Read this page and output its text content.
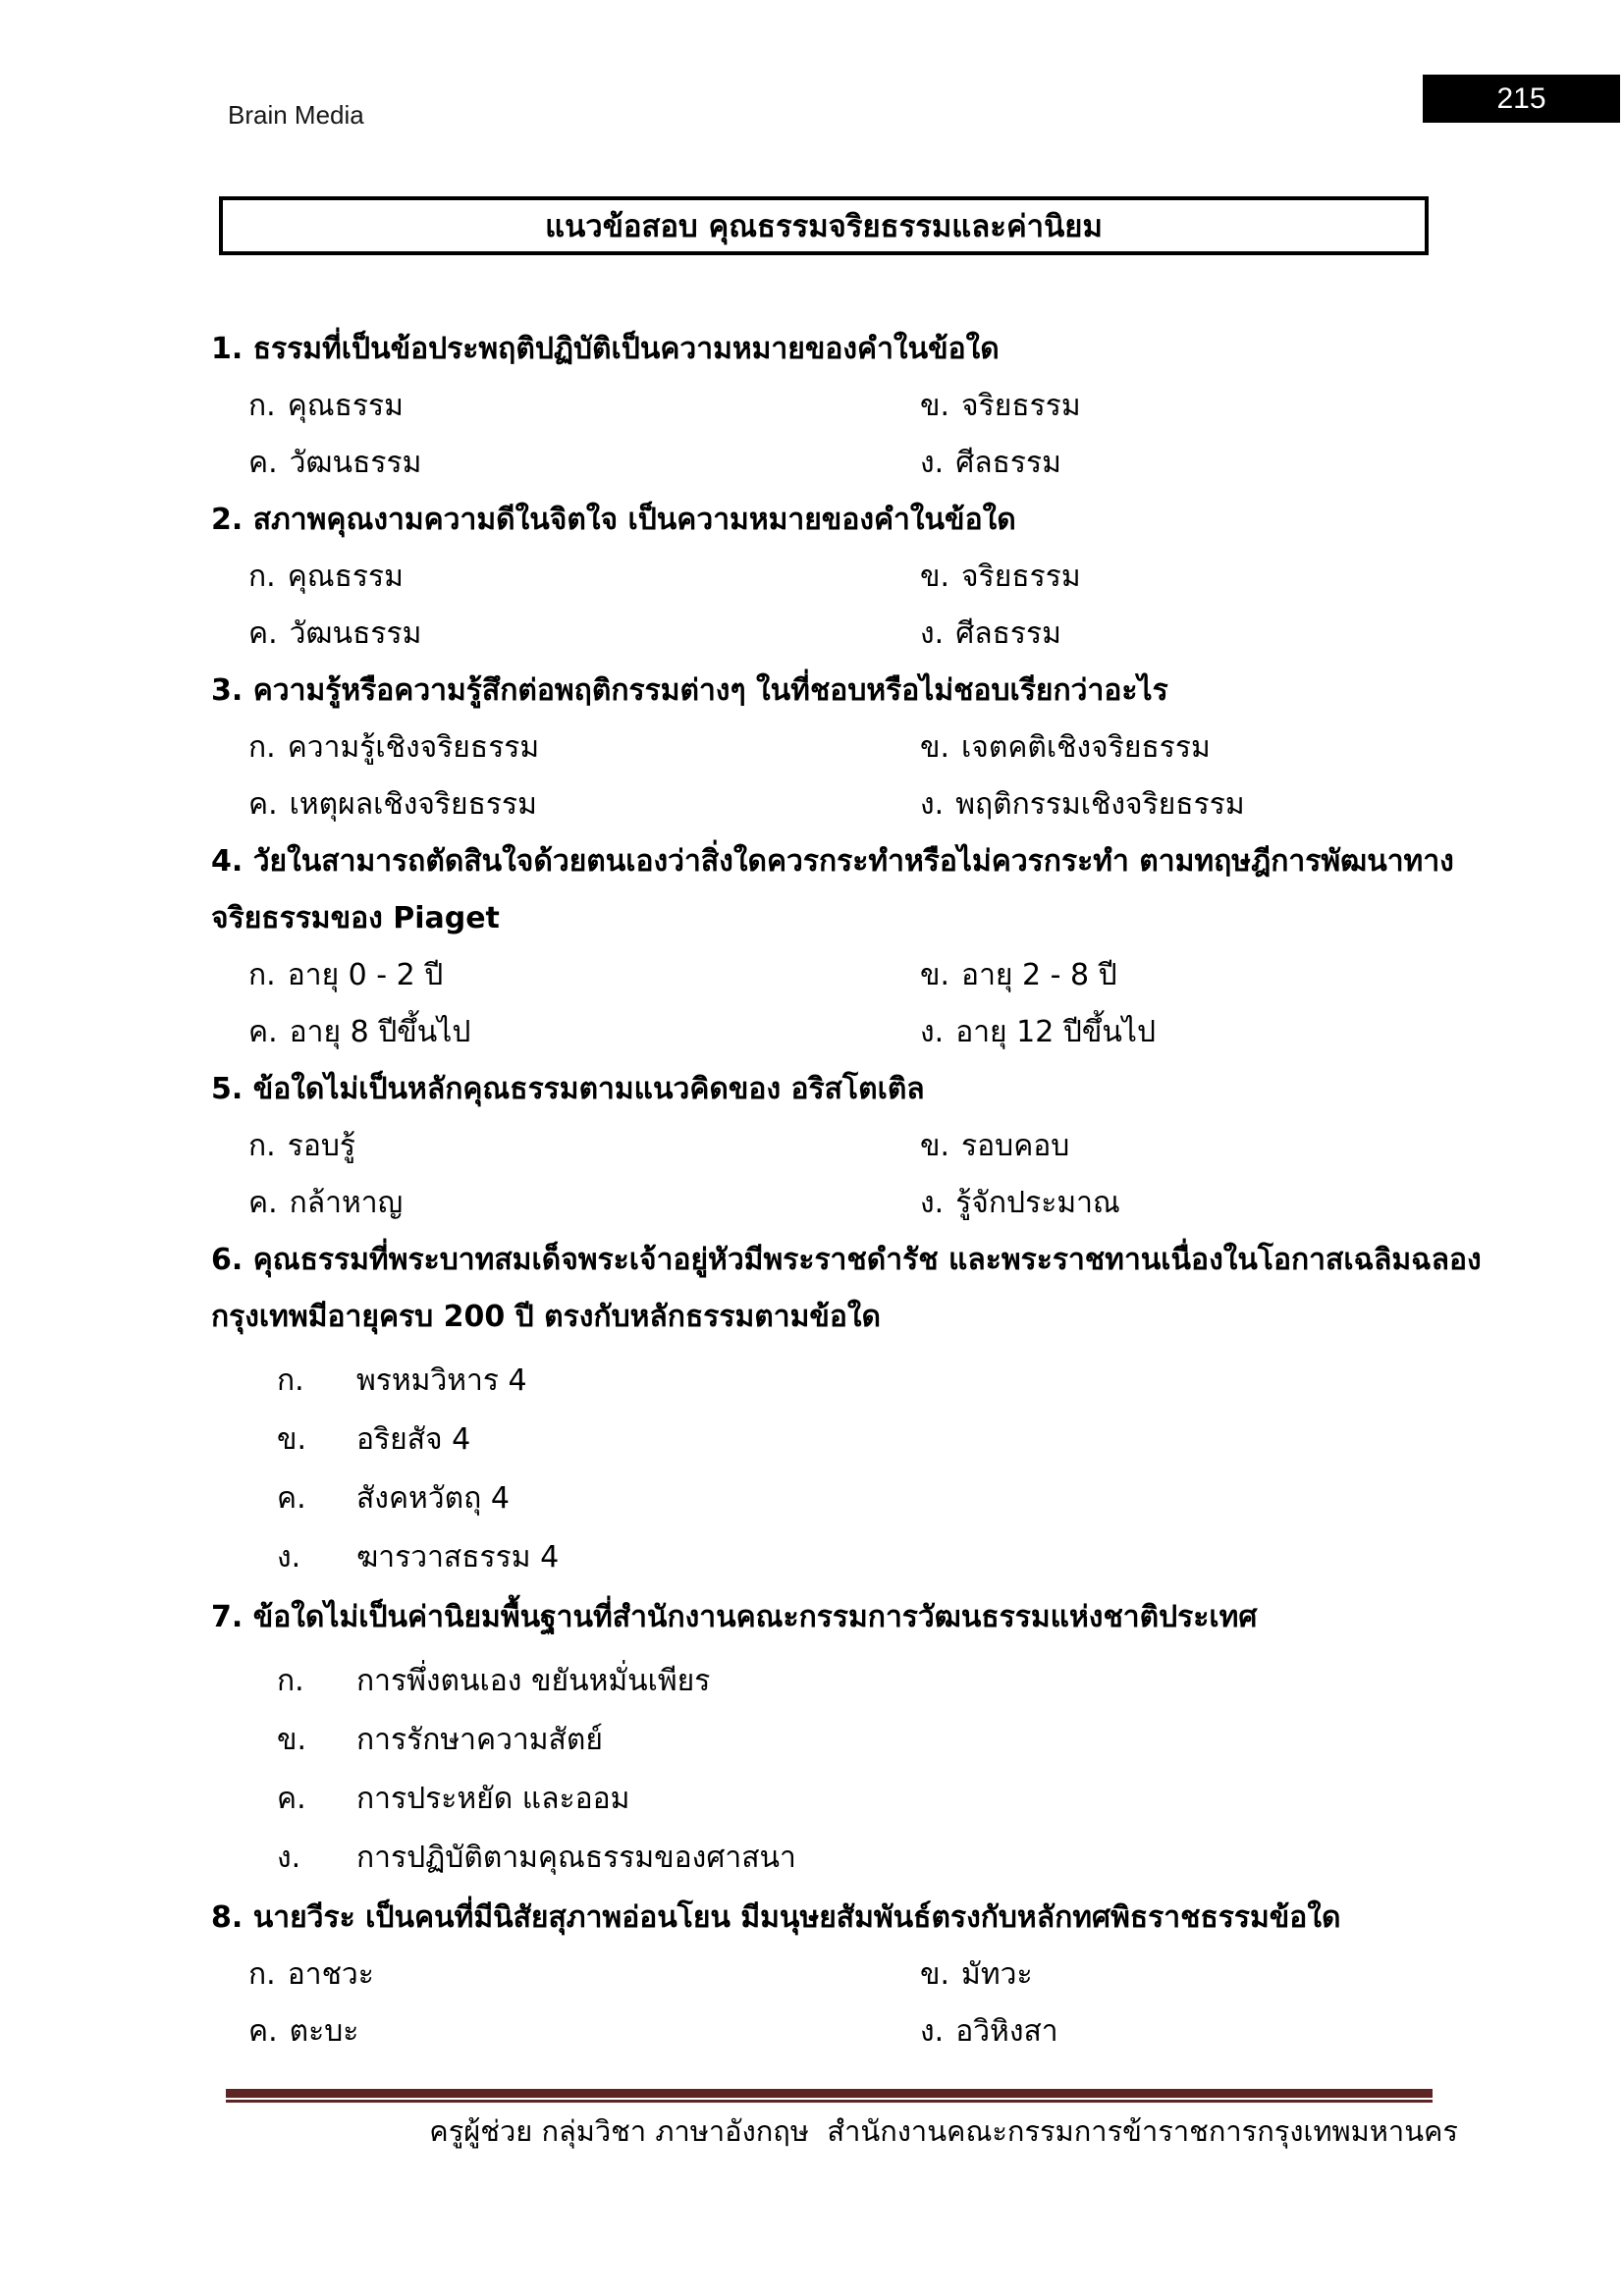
Brain Media
215
แนวข้อสอบ คุณธรรมจริยธรรมและค่านิยม
1. ธรรมที่เป็นข้อประพฤติปฏิบัติเป็นความหมายของคำในข้อใด
ก. คุณธรรม	ข. จริยธรรม
ค. วัฒนธรรม	ง. ศีลธรรม
2. สภาพคุณงามความดีในจิตใจ เป็นความหมายของคำในข้อใด
ก. คุณธรรม	ข. จริยธรรม
ค. วัฒนธรรม	ง. ศีลธรรม
3. ความรู้หรือความรู้สึกต่อพฤติกรรมต่างๆ ในที่ชอบหรือไม่ชอบเรียกว่าอะไร
ก. ความรู้เชิงจริยธรรม	ข. เจตคติเชิงจริยธรรม
ค. เหตุผลเชิงจริยธรรม	ง. พฤติกรรมเชิงจริยธรรม
4. วัยในสามารถตัดสินใจด้วยตนเองว่าสิ่งใดควรกระทำหรือไม่ควรกระทำ ตามทฤษฎีการพัฒนาทาง
จริยธรรมของ Piaget
ก. อายุ 0 - 2 ปี	ข. อายุ 2 - 8 ปี
ค. อายุ 8 ปีขึ้นไป	ง. อายุ 12 ปีขึ้นไป
5. ข้อใดไม่เป็นหลักคุณธรรมตามแนวคิดของ อริสโตเติล
ก. รอบรู้	ข. รอบคอบ
ค. กล้าหาญ	ง. รู้จักประมาณ
6. คุณธรรมที่พระบาทสมเด็จพระเจ้าอยู่หัวมีพระราชดำรัช และพระราชทานเนื่องในโอกาสเฉลิมฉลอง
กรุงเทพมีอายุครบ 200 ปี ตรงกับหลักธรรมตามข้อใด
ก. พรหมวิหาร 4
ข. อริยสัจ 4
ค. สังคหวัตถุ 4
ง. ฆารวาสธรรม 4
7. ข้อใดไม่เป็นค่านิยมพื้นฐานที่สำนักงานคณะกรรมการวัฒนธรรมแห่งชาติประเทศ
ก. การพึ่งตนเอง ขยันหมั่นเพียร
ข. การรักษาความสัตย์
ค. การประหยัด และออม
ง. การปฏิบัติตามคุณธรรมของศาสนา
8. นายวีระ เป็นคนที่มีนิสัยสุภาพอ่อนโยน มีมนุษยสัมพันธ์ตรงกับหลักทศพิธราชธรรมข้อใด
ก. อาชวะ	ข. มัทวะ
ค. ตะบะ	ง. อวิหิงสา
ครูผู้ช่วย กลุ่มวิชา ภาษาอังกฤษ  สำนักงานคณะกรรมการข้าราชการกรุงเทพมหานคร
